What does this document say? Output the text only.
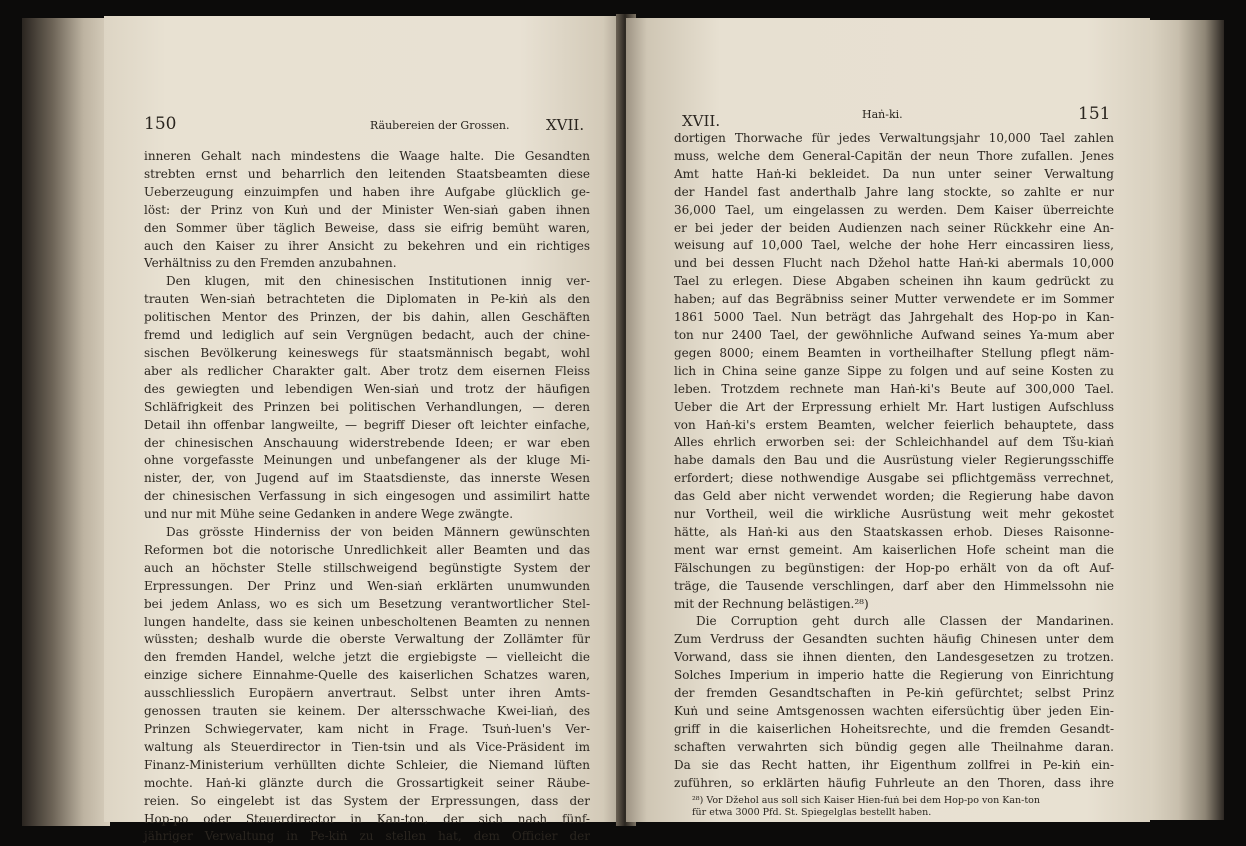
150	Räubereien der Grossen. XVII.
inneren Gehalt nach mindestens die Waage halte. Die Gesandten
strebten ernst und beharrlich den leitenden Staatsbeamten diese
Ueberzeugung einzuimpfen und haben ihre Aufgabe glücklich ge-
löst: der Prinz von Kuṅ und der Minister Wen-siaṅ gaben ihnen
den Sommer über täglich Beweise, dass sie eifrig bemüht waren,
auch den Kaiser zu ihrer Ansicht zu bekehren und ein richtiges
Verhältniss zu den Fremden anzubahnen.
Den klugen, mit den chinesischen Institutionen innig ver-
trauten Wen-siaṅ betrachteten die Diplomaten in Pe-kiṅ als den
politischen Mentor des Prinzen, der bis dahin, allen Geschäften
fremd und lediglich auf sein Vergnügen bedacht, auch der chine-
sischen Bevölkerung keineswegs für staatsmännisch begabt, wohl
aber als redlicher Charakter galt. Aber trotz dem eisernen Fleiss
des gewiegten und lebendigen Wen-siaṅ und trotz der häufigen
Schläfrigkeit des Prinzen bei politischen Verhandlungen, — deren
Detail ihn offenbar langweilte, — begriff Dieser oft leichter einfache,
der chinesischen Anschauung widerstrebende Ideen; er war eben
ohne vorgefasste Meinungen und unbefangener als der kluge Mi-
nister, der, von Jugend auf im Staatsdienste, das innerste Wesen
der chinesischen Verfassung in sich eingesogen und assimilirt hatte
und nur mit Mühe seine Gedanken in andere Wege zwängte.
Das grösste Hinderniss der von beiden Männern gewünschten
Reformen bot die notorische Unredlichkeit aller Beamten und das
auch an höchster Stelle stillschweigend begünstigte System der
Erpressungen. Der Prinz und Wen-siaṅ erklärten unumwunden
bei jedem Anlass, wo es sich um Besetzung verantwortlicher Stel-
lungen handelte, dass sie keinen unbescholtenen Beamten zu nennen
wüssten; deshalb wurde die oberste Verwaltung der Zollämter für
den fremden Handel, welche jetzt die ergiebigste — vielleicht die
einzige sichere Einnahme-Quelle des kaiserlichen Schatzes waren,
ausschliesslich Europäern anvertraut. Selbst unter ihren Amts-
genossen trauten sie keinem. Der altersschwache Kwei-liaṅ, des
Prinzen Schwiegervater, kam nicht in Frage. Tsuṅ-luen's Ver-
waltung als Steuerdirector in Tien-tsin und als Vice-Präsident im
Finanz-Ministerium verhüllten dichte Schleier, die Niemand lüften
mochte. Haṅ-ki glänzte durch die Grossartigkeit seiner Räube-
reien. So eingelebt ist das System der Erpressungen, dass der
Hop-po oder Steuerdirector in Kan-ton, der sich nach fünf-
jähriger Verwaltung in Pe-kiṅ zu stellen hat, dem Officier der
XVII.	Haṅ-ki.	151
dortigen Thorwache für jedes Verwaltungsjahr 10,000 Tael zahlen
muss, welche dem General-Capitän der neun Thore zufallen. Jenes
Amt hatte Haṅ-ki bekleidet. Da nun unter seiner Verwaltung
der Handel fast anderthalb Jahre lang stockte, so zahlte er nur
36,000 Tael, um eingelassen zu werden. Dem Kaiser überreichte
er bei jeder der beiden Audienzen nach seiner Rückkehr eine An-
weisung auf 10,000 Tael, welche der hohe Herr eincassiren liess,
und bei dessen Flucht nach Džehol hatte Haṅ-ki abermals 10,000
Tael zu erlegen. Diese Abgaben scheinen ihn kaum gedrückt zu
haben; auf das Begräbniss seiner Mutter verwendete er im Sommer
1861 5000 Tael. Nun beträgt das Jahrgehalt des Hop-po in Kan-
ton nur 2400 Tael, der gewöhnliche Aufwand seines Ya-mum aber
gegen 8000; einem Beamten in vortheilhafter Stellung pflegt näm-
lich in China seine ganze Sippe zu folgen und auf seine Kosten zu
leben. Trotzdem rechnete man Haṅ-ki's Beute auf 300,000 Tael.
Ueber die Art der Erpressung erhielt Mr. Hart lustigen Aufschluss
von Haṅ-ki's erstem Beamten, welcher feierlich behauptete, dass
Alles ehrlich erworben sei: der Schleichhandel auf dem Tšu-kiaṅ
habe damals den Bau und die Ausrüstung vieler Regierungsschiffe
erfordert; diese nothwendige Ausgabe sei pflichtgemäss verrechnet,
das Geld aber nicht verwendet worden; die Regierung habe davon
nur Vortheil, weil die wirkliche Ausrüstung weit mehr gekostet
hätte, als Haṅ-ki aus den Staatskassen erhob. Dieses Raisonne-
ment war ernst gemeint. Am kaiserlichen Hofe scheint man die
Fälschungen zu begünstigen: der Hop-po erhält von da oft Auf-
träge, die Tausende verschlingen, darf aber den Himmelssohn nie
mit der Rechnung belästigen.²⁸)
Die Corruption geht durch alle Classen der Mandarinen.
Zum Verdruss der Gesandten suchten häufig Chinesen unter dem
Vorwand, dass sie ihnen dienten, den Landesgesetzen zu trotzen.
Solches Imperium in imperio hatte die Regierung von Einrichtung
der fremden Gesandtschaften in Pe-kiṅ gefürchtet; selbst Prinz
Kuṅ und seine Amtsgenossen wachten eifersüchtig über jeden Ein-
griff in die kaiserlichen Hoheitsrechte, und die fremden Gesandt-
schaften verwahrten sich bündig gegen alle Theilnahme daran.
Da sie das Recht hatten, ihr Eigenthum zollfrei in Pe-kiṅ ein-
zuführen, so erklärten häufig Fuhrleute an den Thoren, dass ihre
²⁸) Vor Džehol aus soll sich Kaiser Hien-fuṅ bei dem Hop-po von Kan-ton
für etwa 3000 Pfd. St. Spiegelglas bestellt haben.
